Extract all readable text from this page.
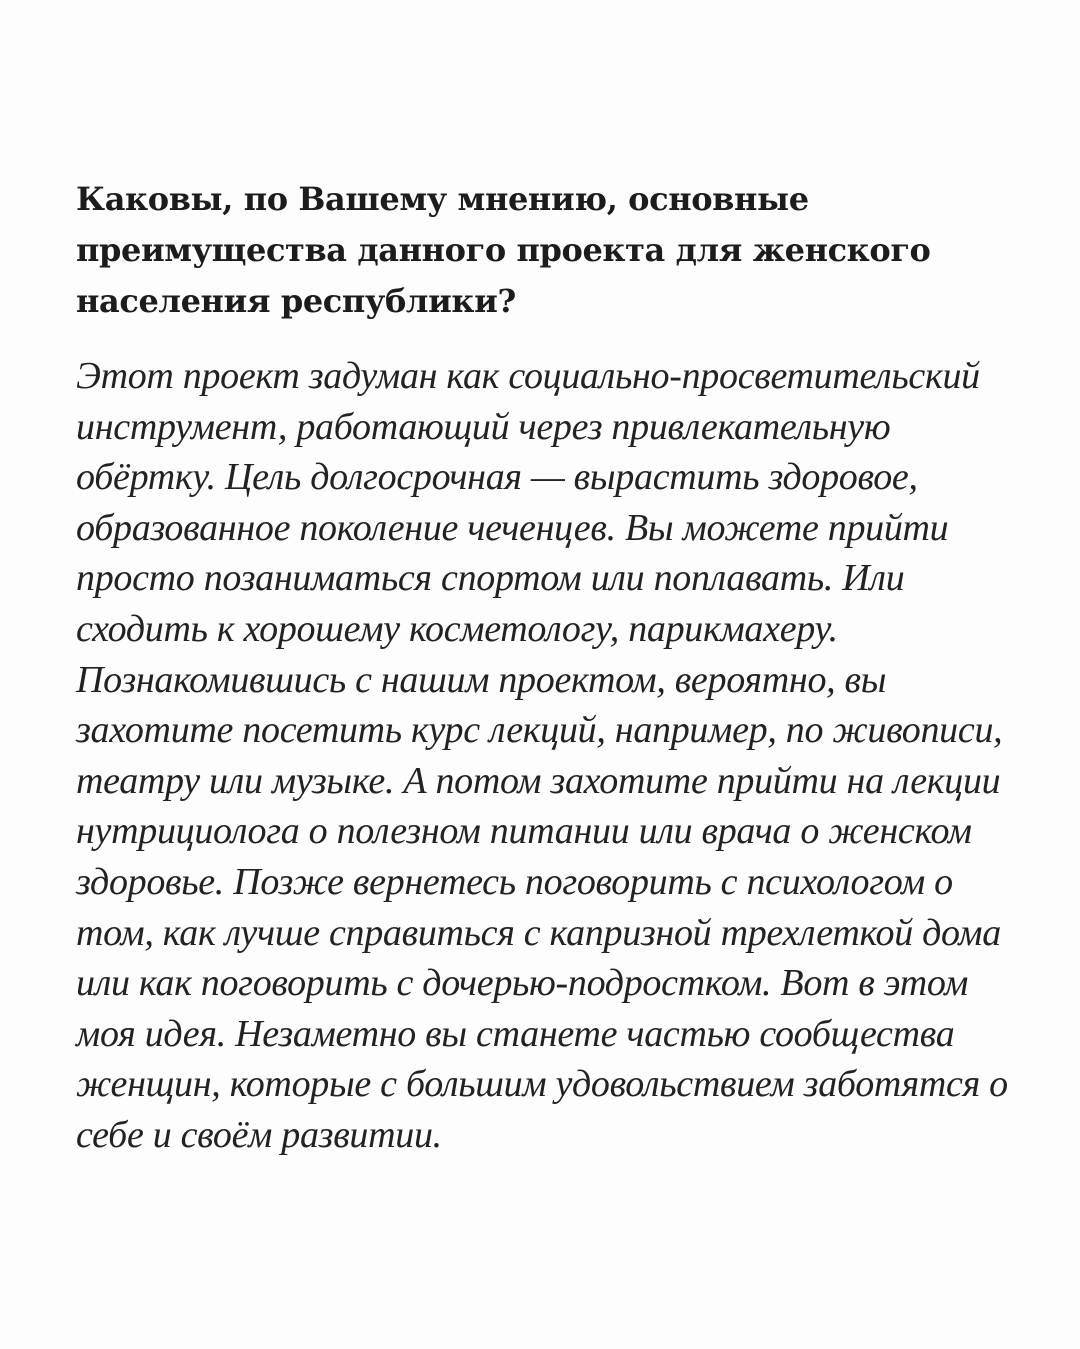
Каковы, по Вашему мнению, основные
преимущества данного проекта для женского
населения республики?

Этот проект задуман как социально-просветительский
инструмент, работающий через привлекательную
обёртку. Цель долгосрочная — вырастить здоровое,
образованное поколение чеченцев. Вы можете прийти
просто позаниматься спортом или поплавать. Или
сходить к хорошему косметологу, парикмахеру.
Познакомившись с нашим проектом, вероятно, вы
захотите посетить курс лекций, например, по живописи,
театру или музыке. А потом захотите прийти на лекции
нутрициолога о полезном питании или врача о женском
здоровье. Позже вернетесь поговорить с психологом о
том, как лучше справиться с капризной трехлеткой дома
или как поговорить с дочерью-подростком. Вот в этом
моя идея. Незаметно вы станете частью сообщества
женщин, которые с большим удовольствием заботятся о
себе и своём развитии.
